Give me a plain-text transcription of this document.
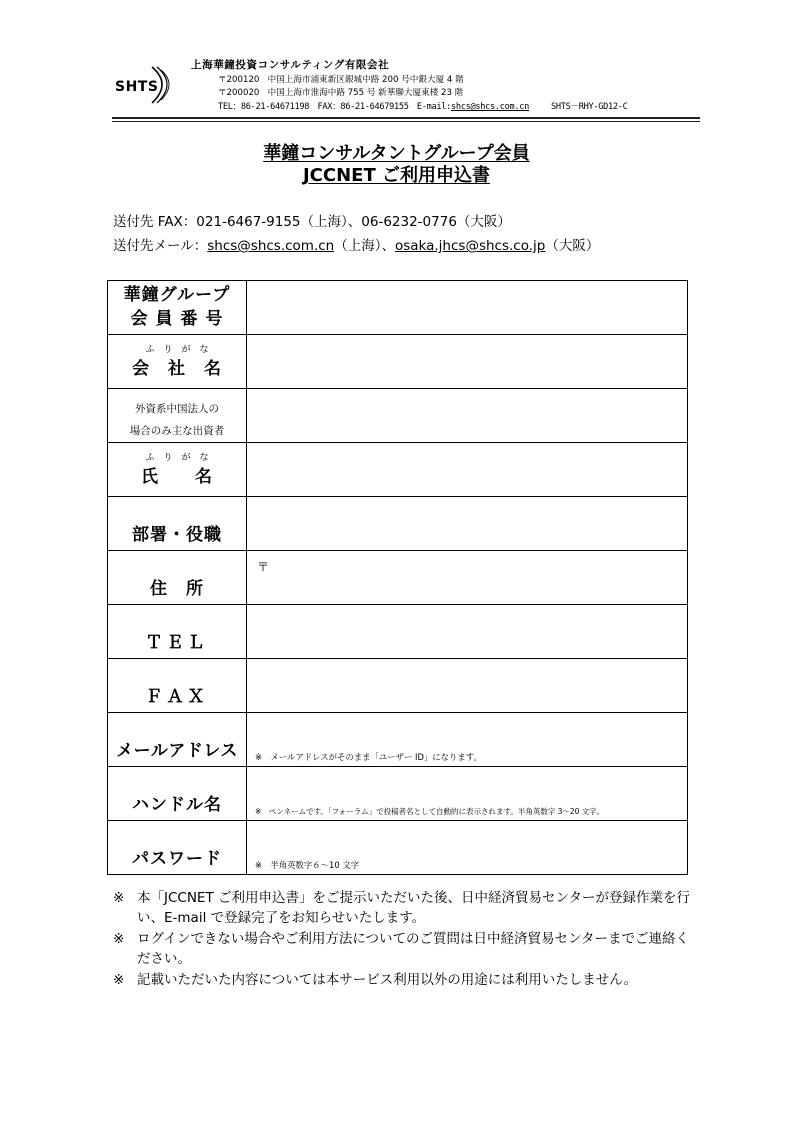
SHTS
上海華鐘投資コンサルティング有限会社
〒200120 中国上海市浦東新区銀城中路 200 号中銀大厦 4 階
〒200020 中国上海市淮海中路 755 号 新華聯大厦東楼 23 階
TEL：86-21-64671198　FAX：86-21-64679155　E-mail:shcs@shcs.com.cn	SHTS－RHY-GD12-C
華鐘コンサルタントグループ会員
JCCNET ご利用申込書
送付先 FAX：021-6467-9155（上海）、06-6232-0776（大阪）
送付先メール：shcs@shcs.com.cn（上海）、osaka.jhcs@shcs.co.jp（大阪）
華鐘グループ
会 員 番 号	

ふりがな
会　社　名	

外資系中国法人の
場合のみ主な出資者	

ふりがな
氏　　名	

部署・役職	

住　所	〒

ＴＥＬ	

ＦＡＸ	

メールアドレス	※　メールアドレスがそのまま「ユーザー ID」になります。

ハンドル名	※　ペンネームです。「フォーラム」で投稿者名として自動的に表示されます。半角英数字 3～20 文字。

パスワード	※　半角英数字６～10 文字
※ 本「JCCNET ご利用申込書」をご提示いただいた後、日中経済貿易センターが登録作業を行い、E-mail で登録完了をお知らせいたします。
※ ログインできない場合やご利用方法についてのご質問は日中経済貿易センターまでご連絡ください。
※ 記載いただいた内容については本サービス利用以外の用途には利用いたしません。
